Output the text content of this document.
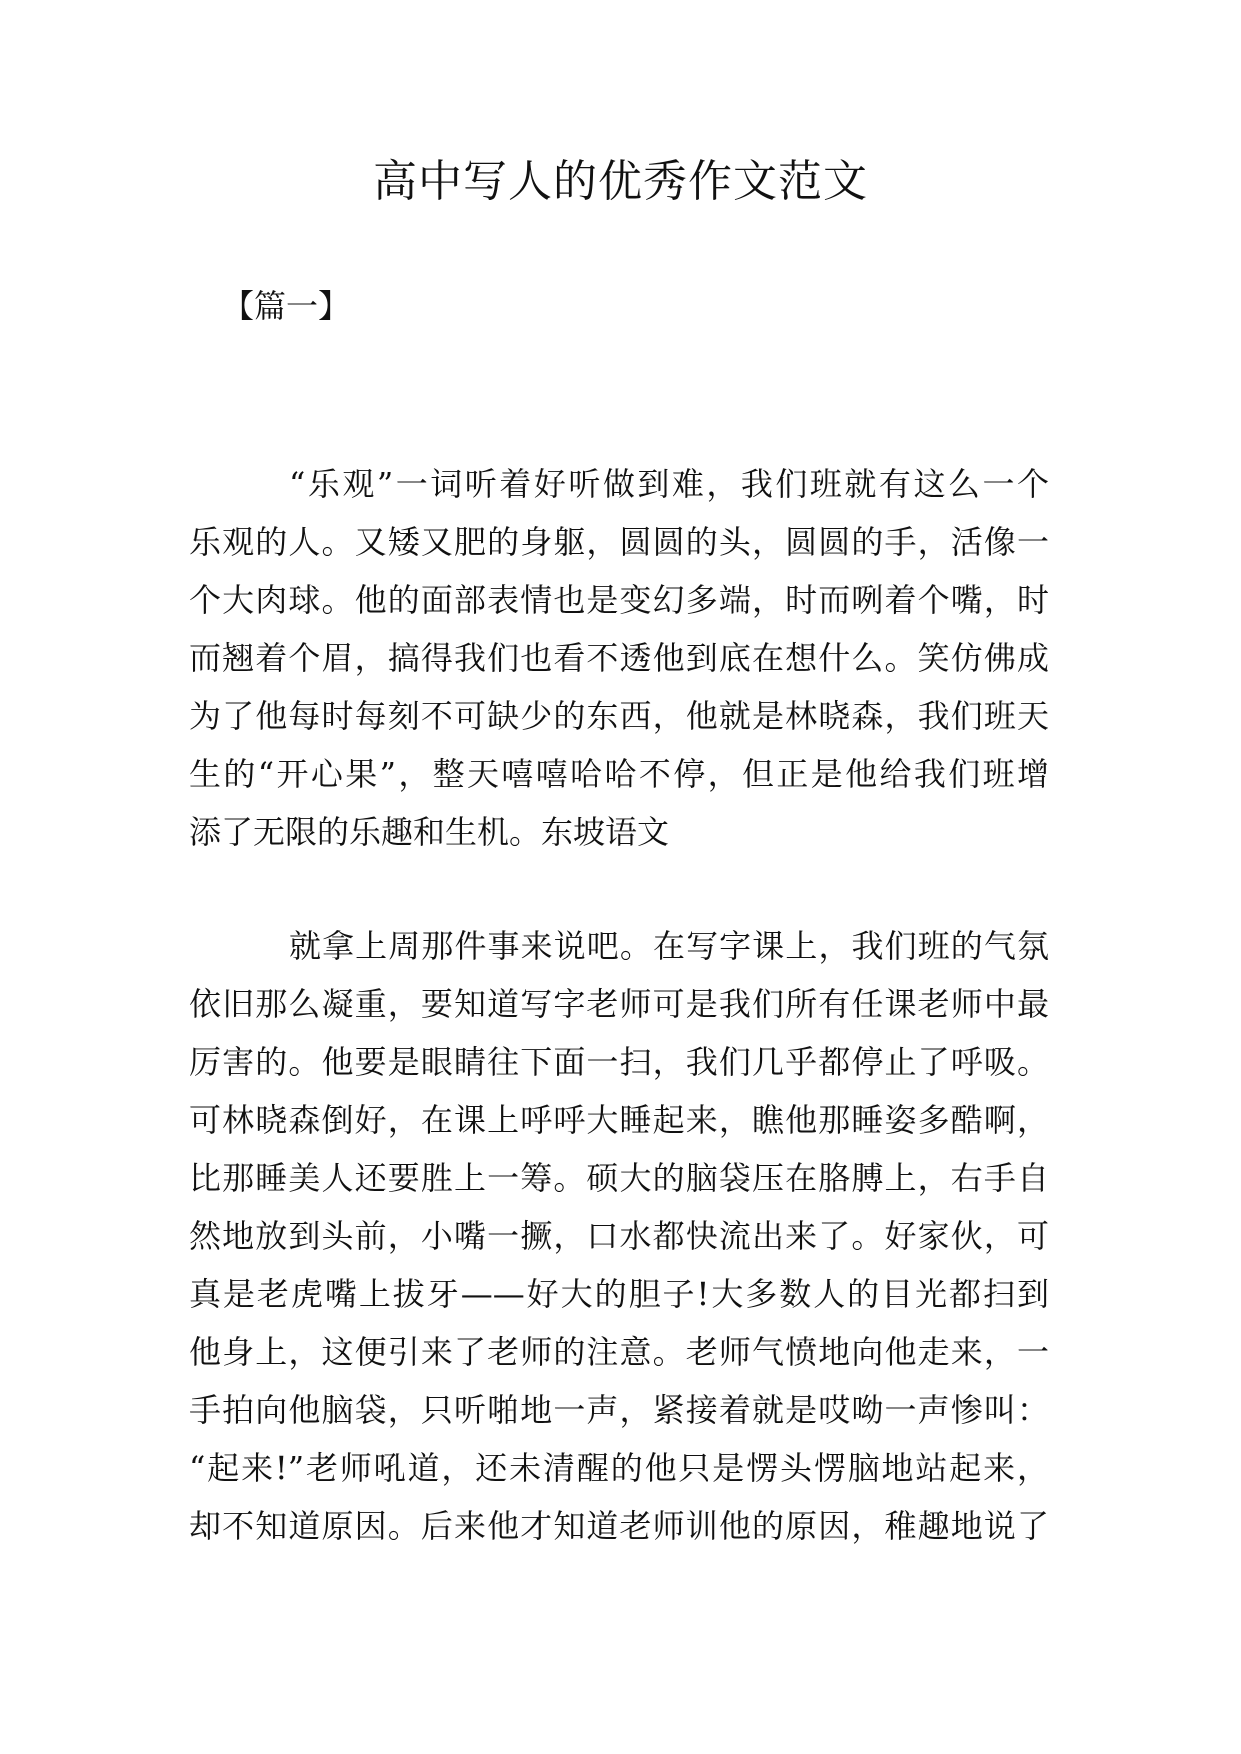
高中写人的优秀作文范文
【篇一】
“乐观”一词听着好听做到难，我们班就有这么一个
乐观的人。又矮又肥的身躯，圆圆的头，圆圆的手，活像一
个大肉球。他的面部表情也是变幻多端，时而咧着个嘴，时
而翘着个眉，搞得我们也看不透他到底在想什么。笑仿佛成
为了他每时每刻不可缺少的东西，他就是林晓森，我们班天
生的“开心果”，整天嘻嘻哈哈不停，但正是他给我们班增
添了无限的乐趣和生机。东坡语文
就拿上周那件事来说吧。在写字课上，我们班的气氛
依旧那么凝重，要知道写字老师可是我们所有任课老师中最
厉害的。他要是眼睛往下面一扫，我们几乎都停止了呼吸。
可林晓森倒好，在课上呼呼大睡起来，瞧他那睡姿多酷啊，
比那睡美人还要胜上一筹。硕大的脑袋压在胳膊上，右手自
然地放到头前，小嘴一撅，口水都快流出来了。好家伙，可
真是老虎嘴上拔牙——好大的胆子!大多数人的目光都扫到
他身上，这便引来了老师的注意。老师气愤地向他走来，一
手拍向他脑袋，只听啪地一声，紧接着就是哎呦一声惨叫：
“起来!”老师吼道，还未清醒的他只是愣头愣脑地站起来，
却不知道原因。后来他才知道老师训他的原因，稚趣地说了
